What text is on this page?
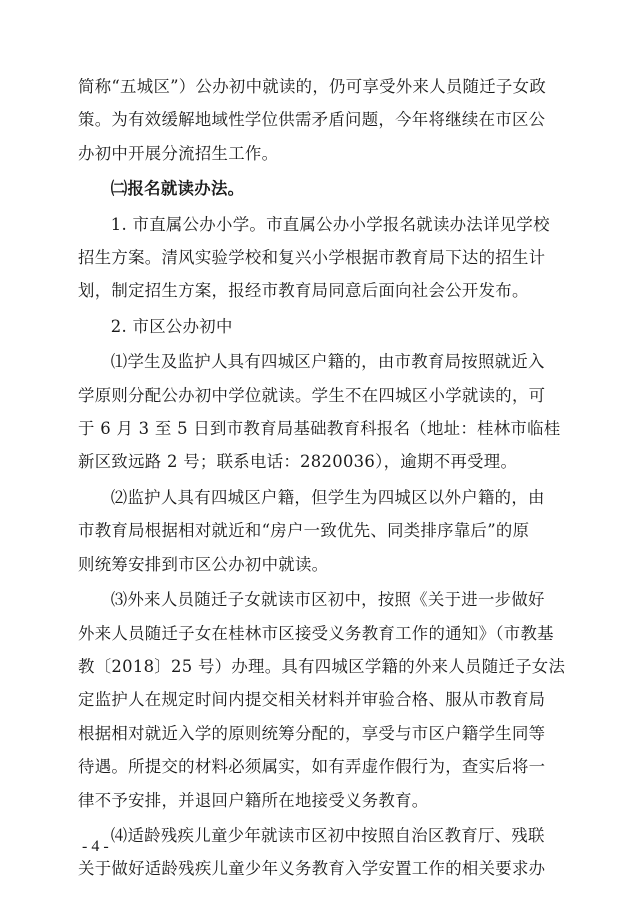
简称“五城区”）公办初中就读的，仍可享受外来人员随迁子女政
策。为有效缓解地域性学位供需矛盾问题，今年将继续在市区公
办初中开展分流招生工作。

㈡报名就读办法。

1. 市直属公办小学。市直属公办小学报名就读办法详见学校
招生方案。清风实验学校和复兴小学根据市教育局下达的招生计
划，制定招生方案，报经市教育局同意后面向社会公开发布。

2. 市区公办初中

⑴学生及监护人具有四城区户籍的，由市教育局按照就近入
学原则分配公办初中学位就读。学生不在四城区小学就读的，可
于 6 月 3 至 5 日到市教育局基础教育科报名（地址：桂林市临桂
新区致远路 2 号；联系电话：2820036），逾期不再受理。

⑵监护人具有四城区户籍，但学生为四城区以外户籍的，由
市教育局根据相对就近和“房户一致优先、同类排序靠后”的原
则统筹安排到市区公办初中就读。

⑶外来人员随迁子女就读市区初中，按照《关于进一步做好
外来人员随迁子女在桂林市区接受义务教育工作的通知》（市教基
教〔2018〕25 号）办理。具有四城区学籍的外来人员随迁子女法
定监护人在规定时间内提交相关材料并审验合格、服从市教育局
根据相对就近入学的原则统筹分配的，享受与市区户籍学生同等
待遇。所提交的材料必须属实，如有弄虚作假行为，查实后将一
律不予安排，并退回户籍所在地接受义务教育。

⑷适龄残疾儿童少年就读市区初中按照自治区教育厅、残联
关于做好适龄残疾儿童少年义务教育入学安置工作的相关要求办

- 4 -
